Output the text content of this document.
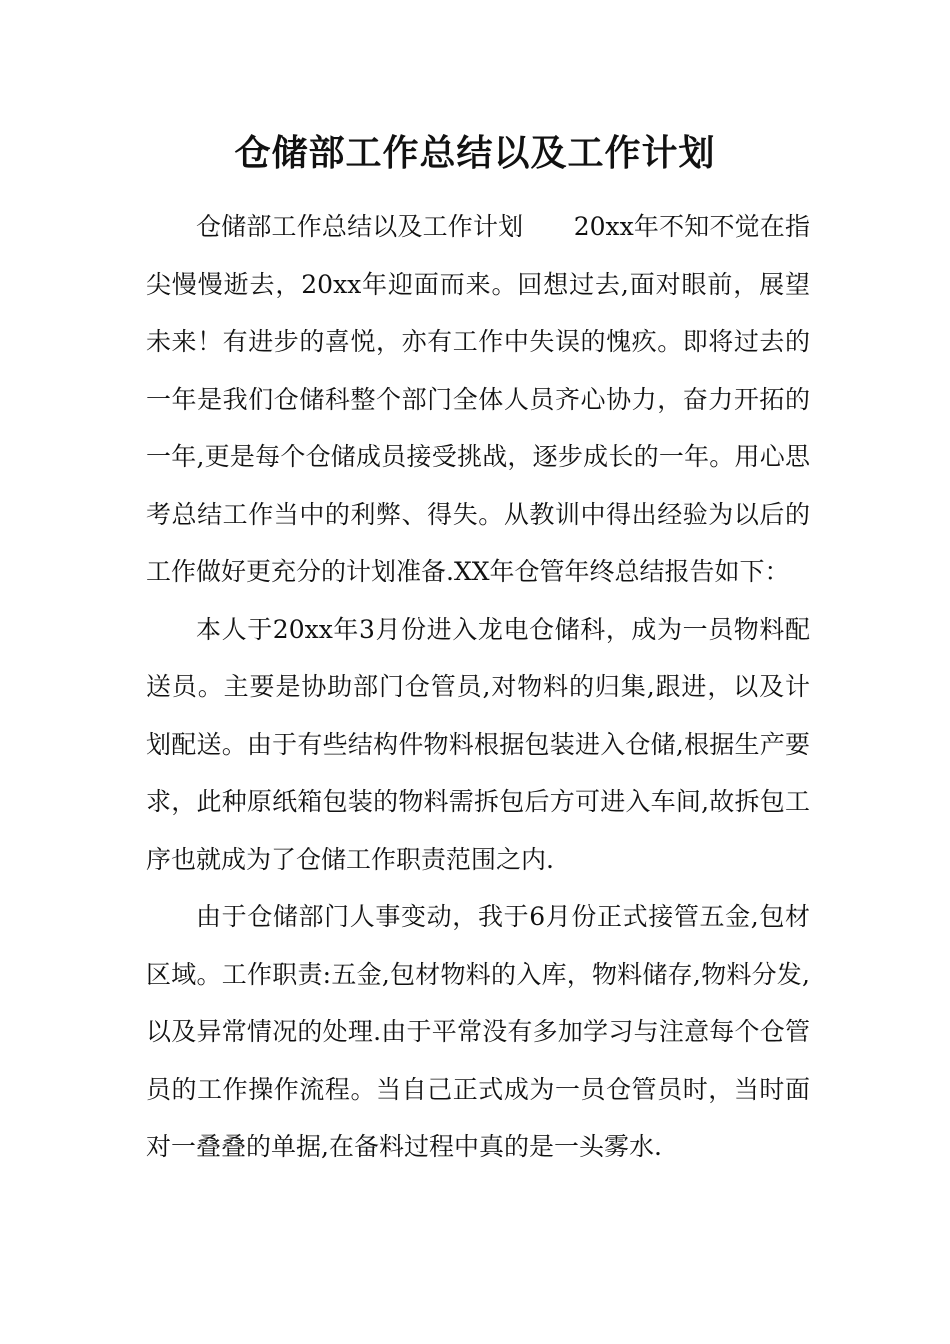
仓储部工作总结以及工作计划

仓储部工作总结以及工作计划　　20xx年不知不觉在指尖慢慢逝去，20xx年迎面而来。回想过去,面对眼前，展望未来！有进步的喜悦，亦有工作中失误的愧疚。即将过去的一年是我们仓储科整个部门全体人员齐心协力，奋力开拓的一年,更是每个仓储成员接受挑战，逐步成长的一年。用心思考总结工作当中的利弊、得失。从教训中得出经验为以后的工作做好更充分的计划准备.XX年仓管年终总结报告如下：

本人于20xx年3月份进入龙电仓储科，成为一员物料配送员。主要是协助部门仓管员,对物料的归集,跟进，以及计划配送。由于有些结构件物料根据包装进入仓储,根据生产要求，此种原纸箱包装的物料需拆包后方可进入车间,故拆包工序也就成为了仓储工作职责范围之内.

由于仓储部门人事变动，我于6月份正式接管五金,包材区域。工作职责:五金,包材物料的入库，物料储存,物料分发,以及异常情况的处理.由于平常没有多加学习与注意每个仓管员的工作操作流程。当自己正式成为一员仓管员时，当时面对一叠叠的单据,在备料过程中真的是一头雾水.
